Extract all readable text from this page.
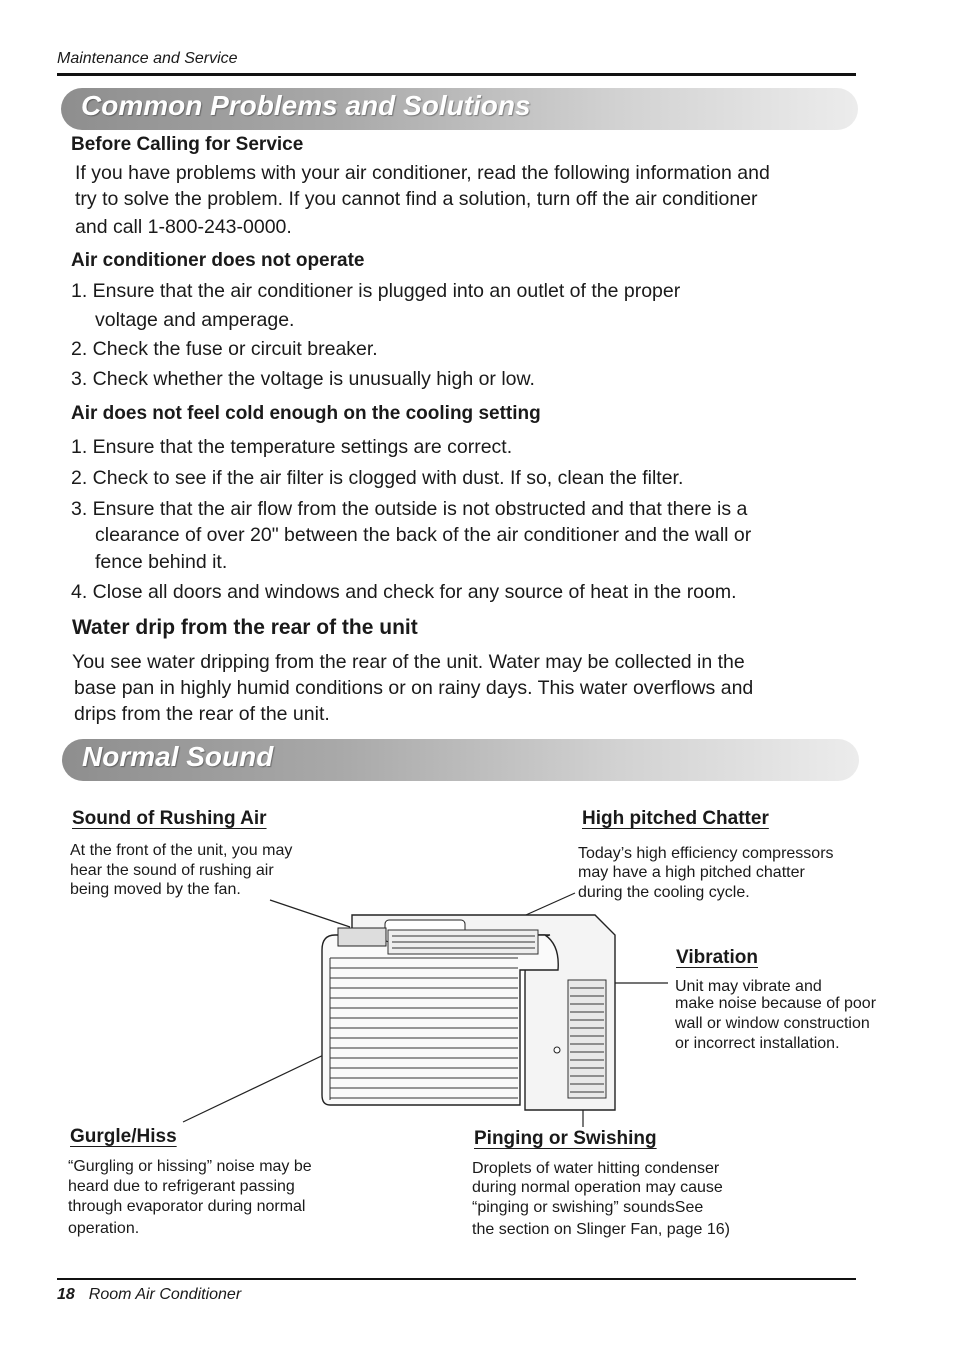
Maintenance and Service
Common Problems and Solutions
Before Calling for Service
If you have problems with your air conditioner, read the following information and
try to solve the problem. If you cannot find a solution, turn off the air conditioner
and call 1-800-243-0000.
Air conditioner does not operate
1. Ensure that the air conditioner is plugged into an outlet of the proper
voltage and amperage.
2. Check the fuse or circuit breaker.
3. Check whether the voltage is unusually high or low.
Air does not feel cold enough on the cooling setting
1. Ensure that the temperature settings are correct.
2. Check to see if the air filter is clogged with dust. If so, clean the filter.
3. Ensure that the air flow from the outside is not obstructed and that there is a
clearance of over 20" between the back of the air conditioner and the wall or
fence behind it.
4. Close all doors and windows and check for any source of heat in the room.
Water drip from the rear of the unit
You see water dripping from the rear of the unit. Water may be collected in the
base pan in highly humid conditions or on rainy days. This water overflows and
drips from the rear of the unit.
Normal Sound
Sound of Rushing Air
At the front of the unit, you may
hear the sound of rushing air
being moved by the fan.
High pitched Chatter
Today’s high efficiency compressors
may have a high pitched chatter
during the cooling cycle.
Vibration
Unit may vibrate and
make noise because of poor
wall or window construction
or incorrect installation.
Gurgle/Hiss
“Gurgling or hissing” noise may be
heard due to refrigerant passing
through evaporator during normal
operation.
Pinging or Swishing
Droplets of water hitting condenser
during normal operation may cause
“pinging or swishing” soundsSee
the section on Slinger Fan, page 16)
18 Room Air Conditioner
